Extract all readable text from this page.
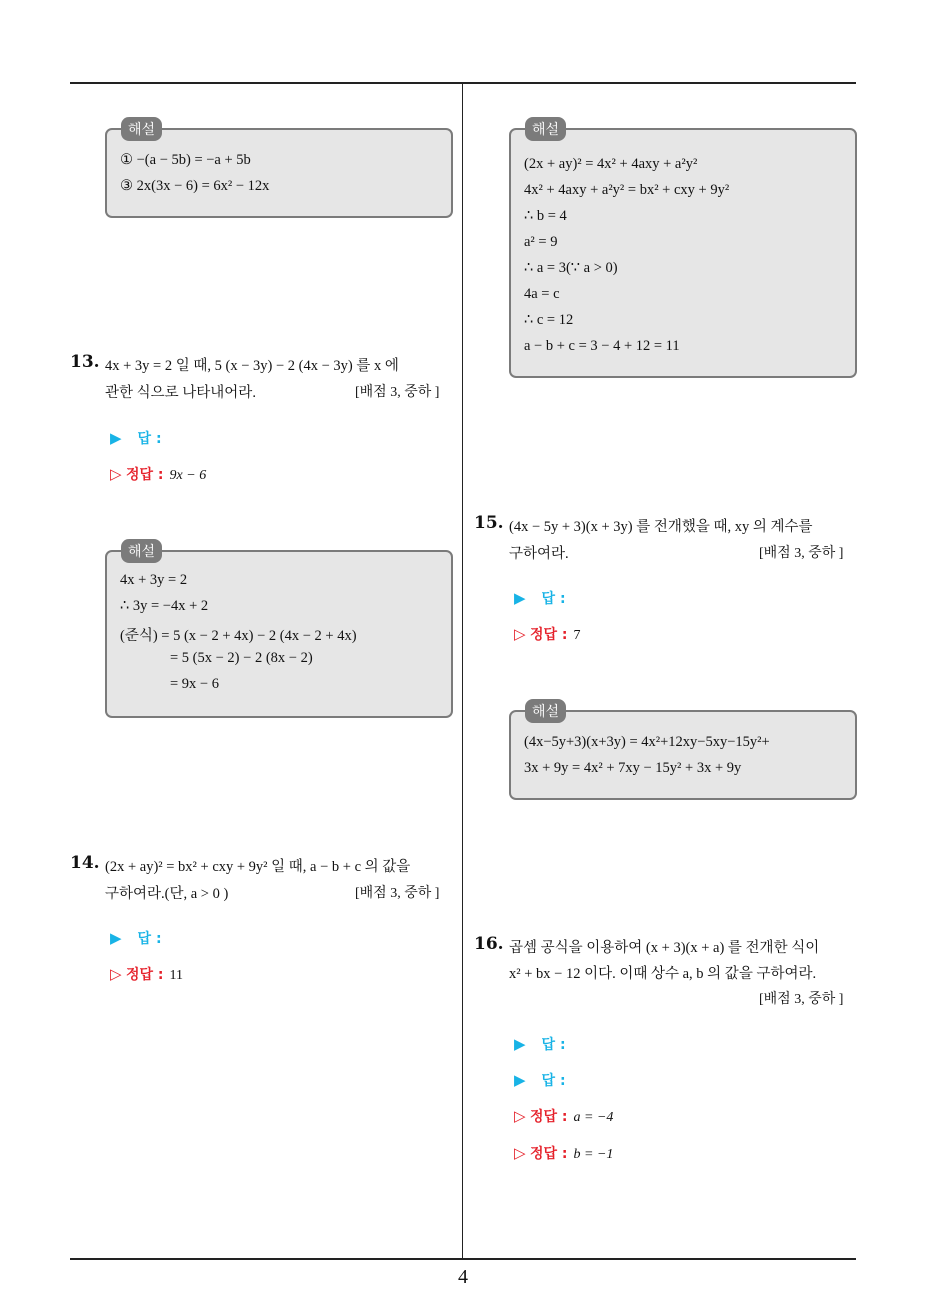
해설
① −(a − 5b) = −a + 5b
③ 2x(3x − 6) = 6x² − 12x
13. 4x + 3y = 2 일 때, 5 (x − 3y) − 2 (4x − 3y) 를 x 에
관한 식으로 나타내어라.	[배점 3, 중하 ]
▶ 답 :
▷ 정답 : 9x − 6
해설
4x + 3y = 2
∴ 3y = −4x + 2
(준식) = 5 (x − 2 + 4x) − 2 (4x − 2 + 4x)
= 5 (5x − 2) − 2 (8x − 2)
= 9x − 6
14. (2x + ay)² = bx² + cxy + 9y² 일 때, a − b + c 의 값을
구하여라.(단, a > 0 )	[배점 3, 중하 ]
▶ 답 :
▷ 정답 : 11
해설
(2x + ay)² = 4x² + 4axy + a²y²
4x² + 4axy + a²y² = bx² + cxy + 9y²
∴ b = 4
a² = 9
∴ a = 3(∵ a > 0)
4a = c
∴ c = 12
a − b + c = 3 − 4 + 12 = 11
15. (4x − 5y + 3)(x + 3y) 를 전개했을 때, xy 의 계수를
구하여라.	[배점 3, 중하 ]
▶ 답 :
▷ 정답 : 7
해설
(4x−5y+3)(x+3y) = 4x²+12xy−5xy−15y²+
3x + 9y = 4x² + 7xy − 15y² + 3x + 9y
16. 곱셈 공식을 이용하여 (x + 3)(x + a) 를 전개한 식이
x² + bx − 12 이다. 이때 상수 a, b 의 값을 구하여라.
[배점 3, 중하 ]
▶ 답 :
▶ 답 :
▷ 정답 : a = −4
▷ 정답 : b = −1
4
